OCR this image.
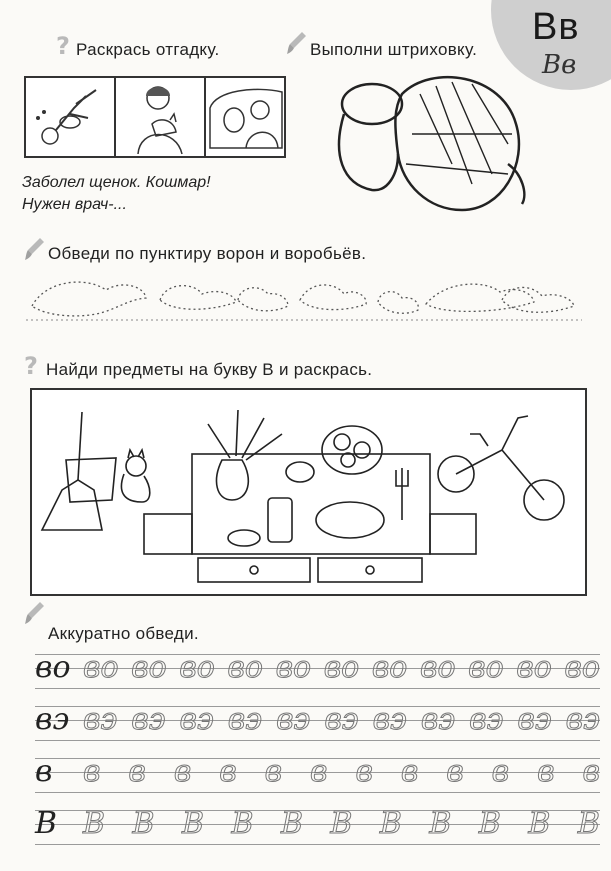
Вв
Вв
? Раскрась отгадку.	Выполни штриховку.
Заболел щенок. Кошмар!
Нужен врач-...
Обведи по пунктиру ворон и воробьёв.
? Найди предметы на букву В и раскрась.
Аккуратно обведи.
вo во во во во во во во во во во во
вэ вэ вэ вэ вэ вэ вэ вэ вэ вэ вэ вэ
в в в в в в в в в в в в в
В В В В В В В В В В В В
